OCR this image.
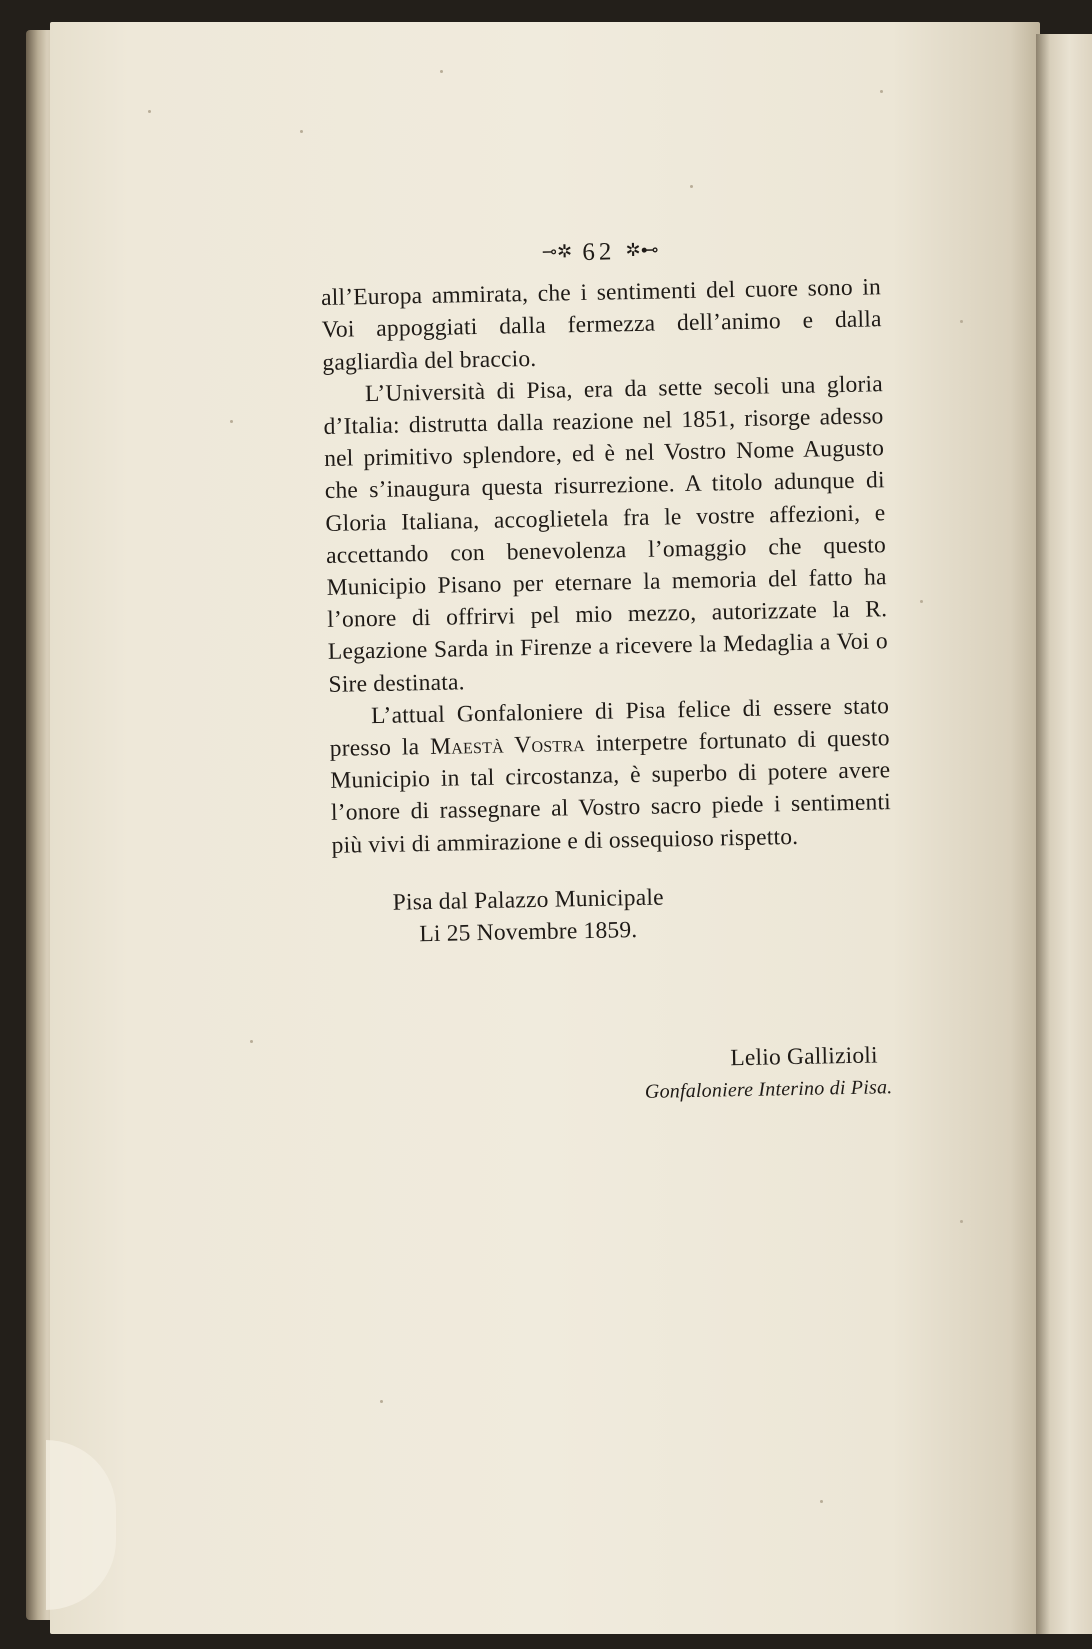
⊸✲ 62 ✲⊷

all’Europa ammirata, che i sentimenti del cuore sono in Voi appoggiati dalla fermezza dell’animo e dalla gagliardìa del braccio.

L’Università di Pisa, era da sette secoli una gloria d’Italia: distrutta dalla reazione nel 1851, risorge adesso nel primitivo splendore, ed è nel Vostro Nome Augusto che s’inaugura questa risurrezione. A titolo adunque di Gloria Italiana, accoglietela fra le vostre affezioni, e accettando con benevolenza l’omaggio che questo Municipio Pisano per eternare la memoria del fatto ha l’onore di offrirvi pel mio mezzo, autorizzate la R. Legazione Sarda in Firenze a ricevere la Medaglia a Voi o Sire destinata.

L’attual Gonfaloniere di Pisa felice di essere stato presso la Maestà Vostra interpetre fortunato di questo Municipio in tal circostanza, è superbo di potere avere l’onore di rassegnare al Vostro sacro piede i sentimenti più vivi di ammirazione e di ossequioso rispetto.

Pisa dal Palazzo Municipale
Li 25 Novembre 1859.
Lelio Gallizioli
Gonfaloniere Interino di Pisa.
